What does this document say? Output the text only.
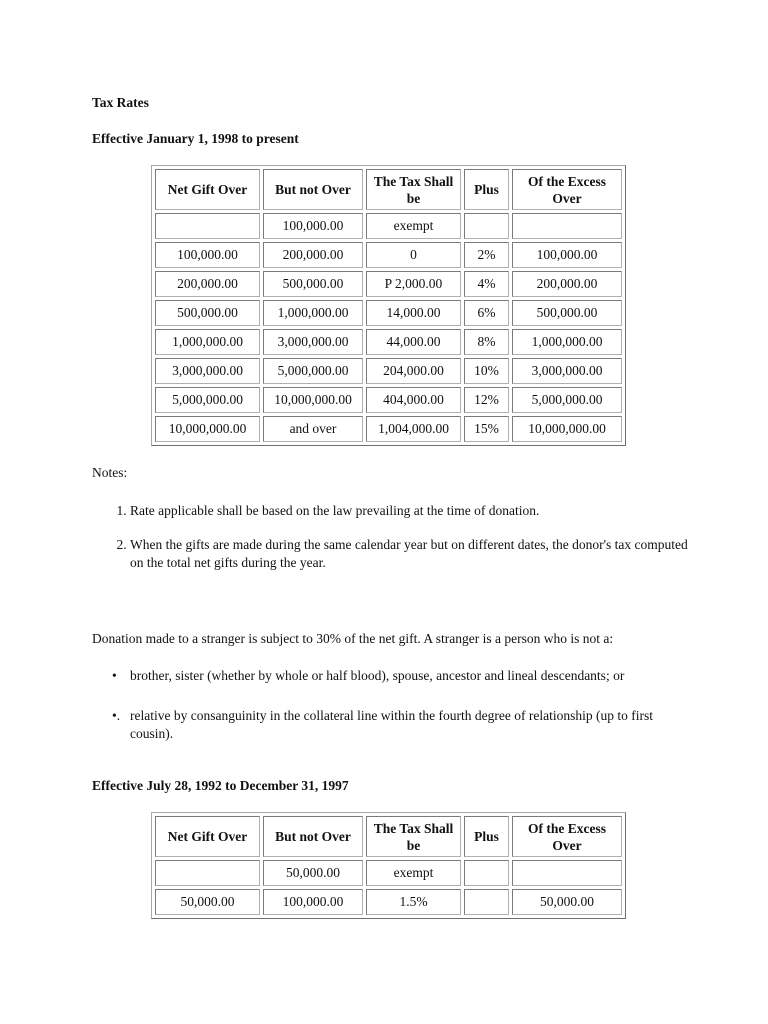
Tax Rates
Effective January 1, 1998 to present
Net Gift Over	But not Over	The Tax Shall be	Plus	Of the Excess Over
	100,000.00	exempt		
100,000.00	200,000.00	0	2%	100,000.00
200,000.00	500,000.00	P 2,000.00	4%	200,000.00
500,000.00	1,000,000.00	14,000.00	6%	500,000.00
1,000,000.00	3,000,000.00	44,000.00	8%	1,000,000.00
3,000,000.00	5,000,000.00	204,000.00	10%	3,000,000.00
5,000,000.00	10,000,000.00	404,000.00	12%	5,000,000.00
10,000,000.00	and over	1,004,000.00	15%	10,000,000.00
Notes:
1. Rate applicable shall be based on the law prevailing at the time of donation.
2. When the gifts are made during the same calendar year but on different dates, the donor's tax computed on the total net gifts during the year.
Donation made to a stranger is subject to 30% of the net gift. A stranger is a person who is not a:
• brother, sister (whether by whole or half blood), spouse, ancestor and lineal descendants; or
•. relative by consanguinity in the collateral line within the fourth degree of relationship (up to first cousin).
Effective July 28, 1992 to December 31, 1997
Net Gift Over	But not Over	The Tax Shall be	Plus	Of the Excess Over
	50,000.00	exempt		
50,000.00	100,000.00	1.5%		50,000.00
